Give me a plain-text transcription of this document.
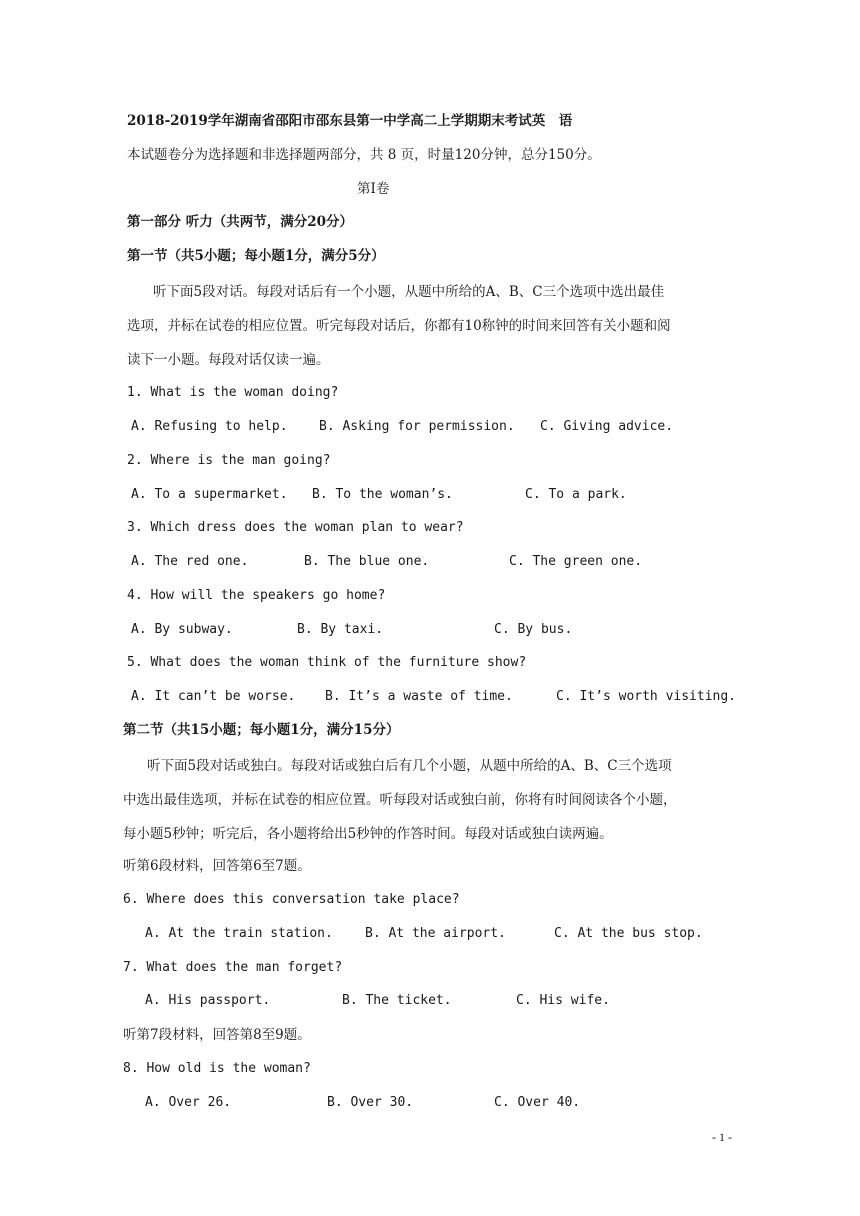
2018-2019学年湖南省邵阳市邵东县第一中学高二上学期期末考试英　语
本试题卷分为选择题和非选择题两部分，共 8 页，时量120分钟，总分150分。
第Ⅰ卷
第一部分 听力（共两节，满分20分）
第一节（共5小题；每小题1分，满分5分）
听下面5段对话。每段对话后有一个小题，从题中所给的A、B、C三个选项中选出最佳
选项，并标在试卷的相应位置。听完每段对话后，你都有10称钟的时间来回答有关小题和阅
读下一小题。每段对话仅读一遍。
1. What is the woman doing?
A. Refusing to help. B. Asking for permission. C. Giving advice.
2. Where is the man going?
A. To a supermarket. B. To the woman’s.	C. To a park.
3. Which dress does the woman plan to wear?
A. The red one.	B. The blue one.	C. The green one.
4. How will the speakers go home?
A. By subway.	B. By taxi.	C. By bus.
5. What does the woman think of the furniture show?
A. It can’t be worse. B. It’s a waste of time.	C. It’s worth visiting.
第二节（共15小题；每小题1分，满分15分）
听下面5段对话或独白。每段对话或独白后有几个小题，从题中所给的A、B、C三个选项
中选出最佳选项，并标在试卷的相应位置。听每段对话或独白前，你将有时间阅读各个小题，
每小题5秒钟；听完后，各小题将给出5秒钟的作答时间。每段对话或独白读两遍。
听第6段材料，回答第6至7题。
6. Where does this conversation take place?
A. At the train station. B. At the airport.	C. At the bus stop.
7. What does the man forget?
A. His passport.	B. The ticket.	C. His wife.
听第7段材料，回答第8至9题。
8. How old is the woman?
A. Over 26.	B. Over 30.	C. Over 40.
- 1 -
